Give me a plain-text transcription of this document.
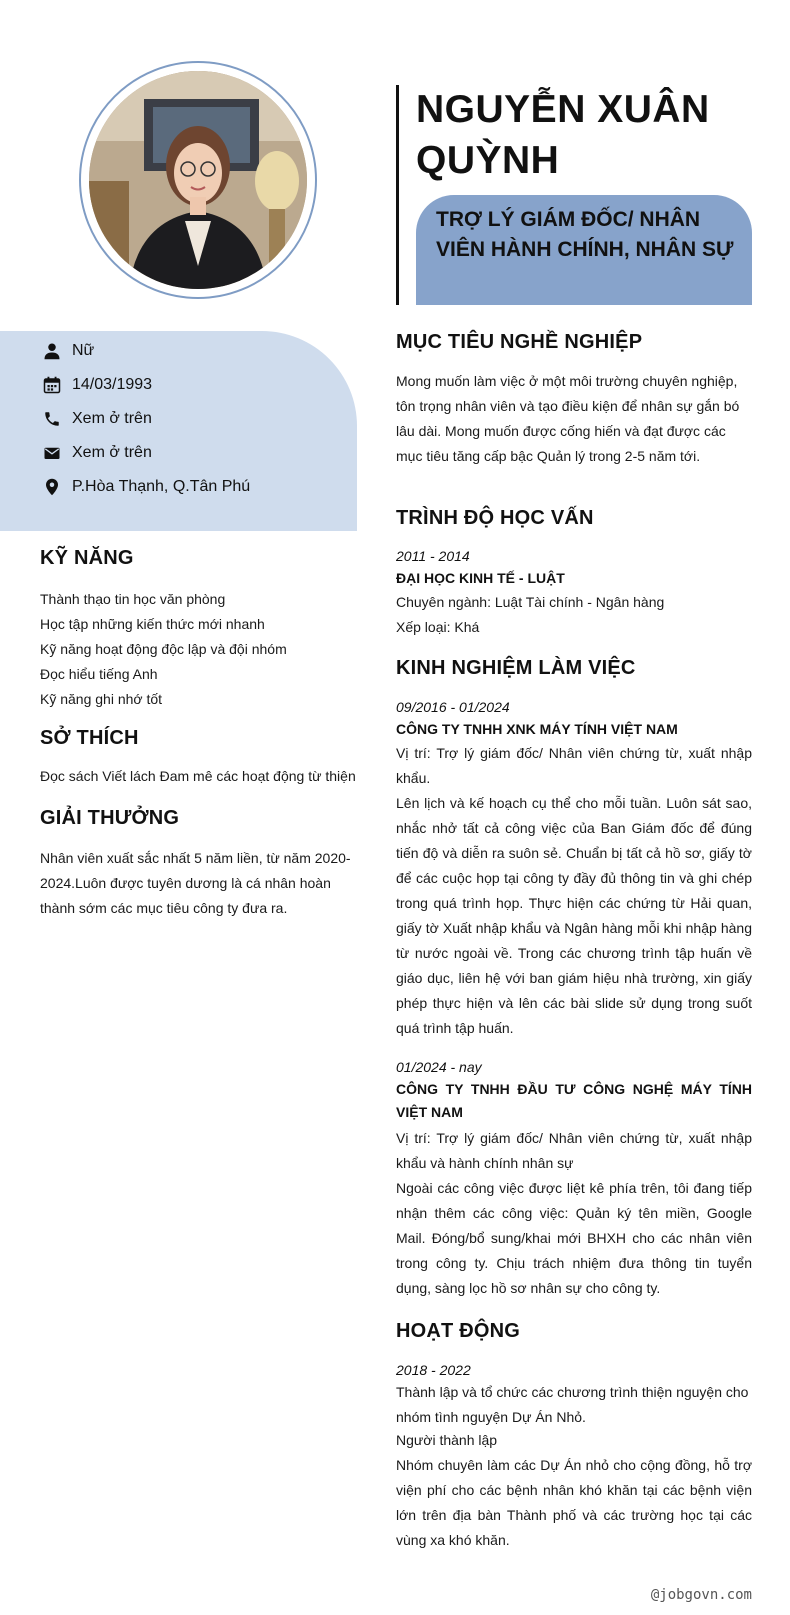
Nữ
14/03/1993
Xem ở trên
Xem ở trên
P.Hòa Thạnh, Q.Tân Phú
KỸ NĂNG
Thành thạo tin học văn phòng
Học tập những kiến thức mới nhanh
Kỹ năng hoạt động độc lập và đội nhóm
Đọc hiểu tiếng Anh
Kỹ năng ghi nhớ tốt
SỞ THÍCH
Đọc sách Viết lách Đam mê các hoạt động từ thiện
GIẢI THƯỞNG
Nhân viên xuất sắc nhất 5 năm liền, từ năm 2020-2024.Luôn được tuyên dương là cá nhân hoàn thành sớm các mục tiêu công ty đưa ra.
NGUYỄN XUÂN QUỲNH
TRỢ LÝ GIÁM ĐỐC/ NHÂN VIÊN HÀNH CHÍNH, NHÂN SỰ
MỤC TIÊU NGHỀ NGHIỆP
Mong muốn làm việc ở một môi trường chuyên nghiệp, tôn trọng nhân viên và tạo điều kiện để nhân sự gắn bó lâu dài. Mong muốn được cống hiến và đạt được các mục tiêu tăng cấp bậc Quản lý trong 2-5 năm tới.
TRÌNH ĐỘ HỌC VẤN
2011 - 2014
ĐẠI HỌC KINH TẾ - LUẬT
Chuyên ngành: Luật Tài chính - Ngân hàng
Xếp loại: Khá
KINH NGHIỆM LÀM VIỆC
09/2016 - 01/2024
CÔNG TY TNHH XNK MÁY TÍNH VIỆT NAM
Vị trí: Trợ lý giám đốc/ Nhân viên chứng từ, xuất nhập khẩu.
Lên lịch và kế hoạch cụ thể cho mỗi tuần. Luôn sát sao, nhắc nhở tất cả công việc của Ban Giám đốc để đúng tiến độ và diễn ra suôn sẻ. Chuẩn bị tất cả hồ sơ, giấy tờ để các cuộc họp tại công ty đầy đủ thông tin và ghi chép trong quá trình họp. Thực hiện các chứng từ Hải quan, giấy tờ Xuất nhập khẩu và Ngân hàng mỗi khi nhập hàng từ nước ngoài về. Trong các chương trình tập huấn về giáo dục, liên hệ với ban giám hiệu nhà trường, xin giấy phép thực hiện và lên các bài slide sử dụng trong suốt quá trình tập huấn.
01/2024 - nay
CÔNG TY TNHH ĐẦU TƯ CÔNG NGHỆ MÁY TÍNH VIỆT NAM
Vị trí: Trợ lý giám đốc/ Nhân viên chứng từ, xuất nhập khẩu và hành chính nhân sự
Ngoài các công việc được liệt kê phía trên, tôi đang tiếp nhận thêm các công việc: Quản ký tên miền, Google Mail. Đóng/bổ sung/khai mới BHXH cho các nhân viên trong công ty. Chịu trách nhiệm đưa thông tin tuyển dụng, sàng lọc hồ sơ nhân sự cho công ty.
HOẠT ĐỘNG
2018 - 2022
Thành lập và tổ chức các chương trình thiện nguyện cho nhóm tình nguyện Dự Án Nhỏ.
Người thành lập
Nhóm chuyên làm các Dự Án nhỏ cho cộng đồng, hỗ trợ viện phí cho các bệnh nhân khó khăn tại các bệnh viện lớn trên địa bàn Thành phố và các trường học tại các vùng xa khó khăn.
@jobgovn.com
